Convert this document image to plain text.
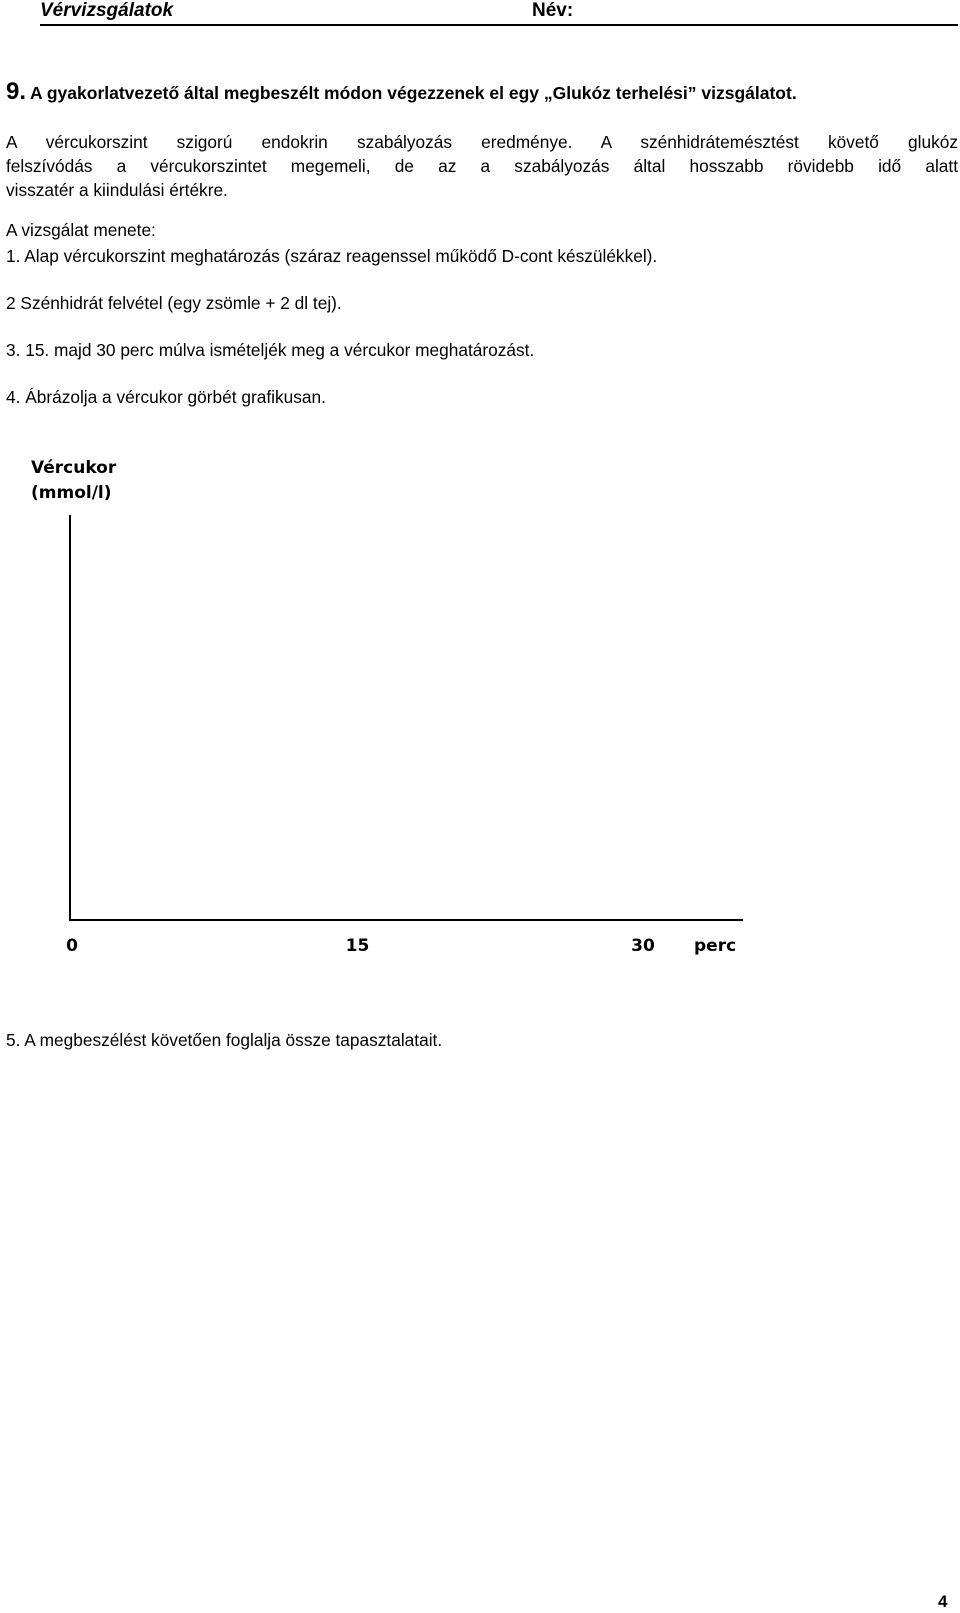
Vérvizsgálatok	Név:
9. A gyakorlatvezető által megbeszélt módon végezzenek el egy „Glukóz terhelési” vizsgálatot.
A vércukorszint szigorú endokrin szabályozás eredménye. A szénhidrátemésztést követő glukóz
felszívódás a vércukorszintet megemeli, de az a szabályozás által hosszabb rövidebb idő alatt
visszatér a kiindulási értékre.
A vizsgálat menete:
1. Alap vércukorszint meghatározás (száraz reagenssel működő D-cont készülékkel).
2 Szénhidrát felvétel (egy zsömle + 2 dl tej).
3. 15. majd 30 perc múlva ismételjék meg a vércukor meghatározást.
4. Ábrázolja a vércukor görbét grafikusan.
Vércukor
(mmol/l)
0	15	30 perc
5. A megbeszélést követően foglalja össze tapasztalatait.
4
